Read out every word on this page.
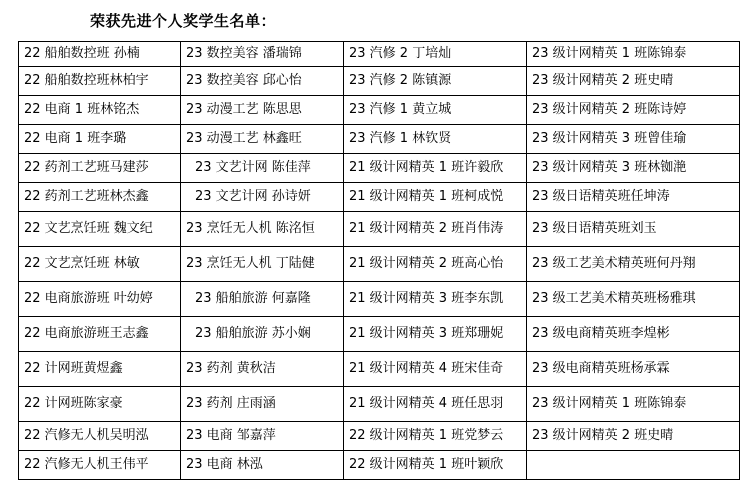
荣获先进个人奖学生名单：
22 船舶数控班 孙楠	23 数控美容 潘瑞锦	23 汽修 2 丁培灿	23 级计网精英 1 班陈锦泰
22 船舶数控班林柏宇	23 数控美容 邱心怡	23 汽修 2 陈镇源	23 级计网精英 2 班史晴
22 电商 1 班林铭杰	23 动漫工艺 陈思思	23 汽修 1 黄立城	23 级计网精英 2 班陈诗婷
22 电商 1 班李璐	23 动漫工艺 林鑫旺	23 汽修 1 林钦贤	23 级计网精英 3 班曾佳瑜
22 药剂工艺班马建莎	23 文艺计网 陈佳萍	21 级计网精英 1 班许毅欣	23 级计网精英 3 班林铷滟
22 药剂工艺班林杰鑫	23 文艺计网 孙诗妍	21 级计网精英 1 班柯成悦	23 级日语精英班任坤涛
22 文艺烹饪班 魏文纪	23 烹饪无人机 陈洺恒	21 级计网精英 2 班肖伟涛	23 级日语精英班刘玉
22 文艺烹饪班 林敏	23 烹饪无人机 丁陆健	21 级计网精英 2 班高心怡	23 级工艺美术精英班何丹翔
22 电商旅游班 叶幼婷	23 船舶旅游 何嘉隆	21 级计网精英 3 班李东凯	23 级工艺美术精英班杨雅琪
22 电商旅游班王志鑫	23 船舶旅游 苏小娴	21 级计网精英 3 班郑珊妮	23 级电商精英班李煌彬
22 计网班黄煜鑫	23 药剂 黄秋洁	21 级计网精英 4 班宋佳奇	23 级电商精英班杨承霖
22 计网班陈家豪	23 药剂 庄雨涵	21 级计网精英 4 班任思羽	23 级计网精英 1 班陈锦泰
22 汽修无人机吴明泓	23 电商 邹嘉萍	22 级计网精英 1 班党梦云	23 级计网精英 2 班史晴
22 汽修无人机王伟平	23 电商 林泓	22 级计网精英 1 班叶颖欣	
